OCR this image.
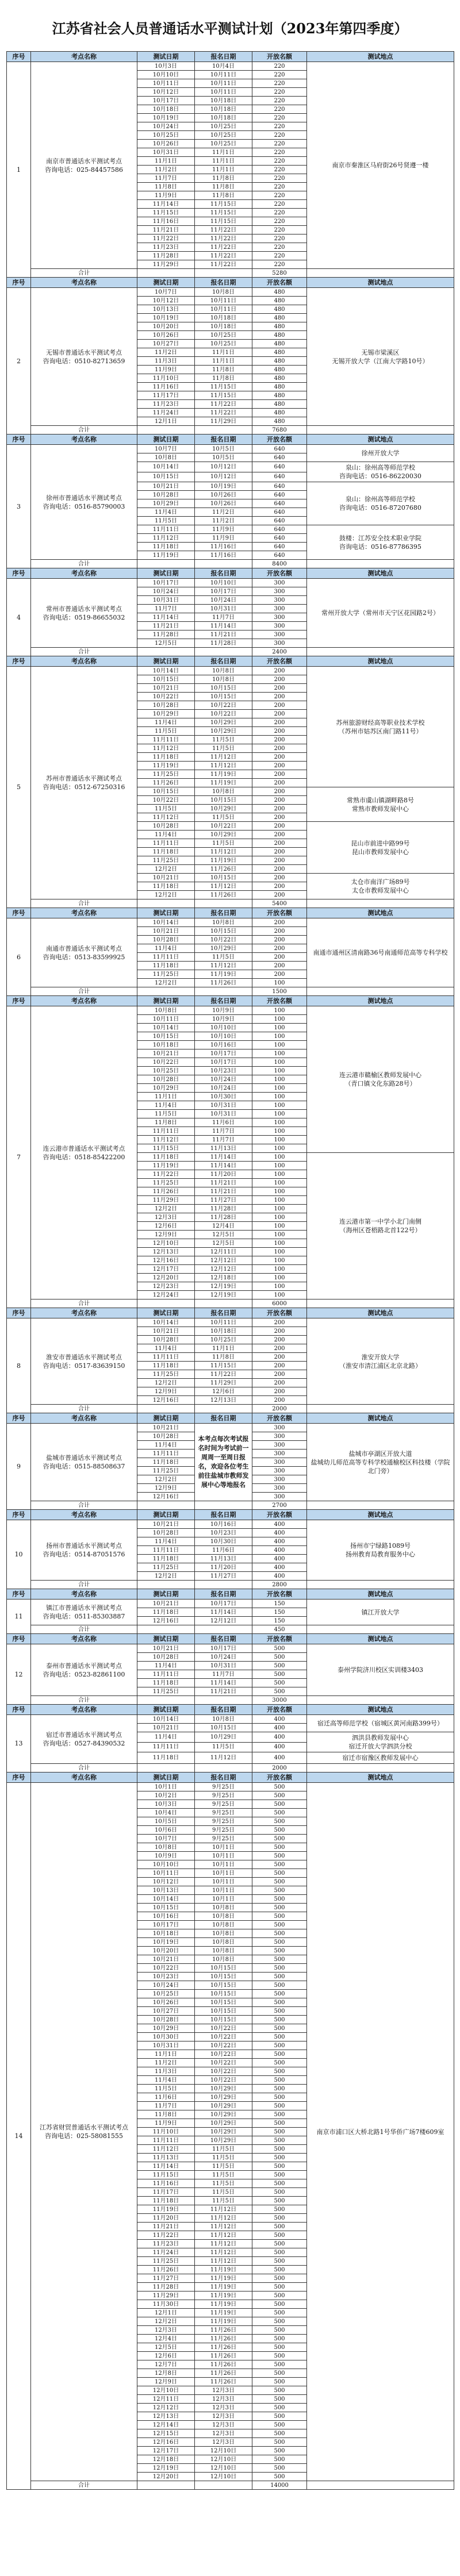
江苏省社会人员普通话水平测试计划（2023年第四季度）
序号	考点名称	测试日期	报名日期	开放名额	测试地点
1	南京市普通话水平测试考点
咨询电话：025-84457586	10月3日	10月4日	220	南京市秦淮区马府街26号贤遵一楼
		10月10日	10月11日	220	
		10月11日	10月11日	220	
		10月12日	10月11日	220	
		10月17日	10月18日	220	
		10月18日	10月18日	220	
		10月19日	10月18日	220	
		10月24日	10月25日	220	
		10月25日	10月25日	220	
		10月26日	10月25日	220	
		10月31日	11月1日	220	
		11月1日	11月1日	220	
		11月2日	11月1日	220	
		11月7日	11月8日	220	
		11月8日	11月8日	220	
		11月9日	11月8日	220	
		11月14日	11月15日	220	
		11月15日	11月15日	220	
		11月16日	11月15日	220	
		11月21日	11月22日	220	
		11月22日	11月22日	220	
		11月23日	11月22日	220	
		11月28日	11月22日	220	
		11月29日	11月22日	220	
	合计			5280	
序号	考点名称	测试日期	报名日期	开放名额	测试地点
2	无锡市普通话水平测试考点
咨询电话：0510-82713659	10月7日	10月8日	480	无锡市梁溪区
无锡开放大学（江南大学路10号）
		10月12日	10月11日	480	
		10月13日	10月11日	480	
		10月19日	10月18日	480	
		10月20日	10月18日	480	
		10月26日	10月25日	480	
		10月27日	10月25日	480	
		11月2日	11月1日	480	
		11月3日	11月1日	480	
		11月9日	11月8日	480	
		11月10日	11月8日	480	
		11月16日	11月15日	480	
		11月17日	11月15日	480	
		11月23日	11月22日	480	
		11月24日	11月22日	480	
		12月1日	11月29日	480	
	合计			7680	
序号	考点名称	测试日期	报名日期	开放名额	测试地点
3	徐州市普通话水平测试考点
咨询电话：0516-85790003	10月7日	10月5日	640	徐州开放大学
		10月8日	10月5日	640	
		10月14日	10月12日	640	泉山：徐州高等师范学校
咨询电话：0516-86220030
		10月15日	10月12日	640	
		10月21日	10月19日	640	泉山：徐州高等师范学校
咨询电话：0516-87207680
		10月28日	10月26日	640	
		10月29日	10月26日	640	
		11月4日	11月2日	640	
		11月5日	11月2日	640	
		11月11日	11月9日	640	鼓楼：江苏安全技术职业学院
咨询电话：0516-87786395
		11月12日	11月9日	640	
		11月18日	11月16日	640	
		11月19日	11月16日	640	
	合计			8400	
序号	考点名称	测试日期	报名日期	开放名额	测试地点
4	常州市普通话水平测试考点
咨询电话：0519-86655032	10月17日	10月10日	300	常州开放大学（常州市天宁区花园路2号）
		10月24日	10月17日	300	
		10月31日	10月24日	300	
		11月7日	10月31日	300	
		11月14日	11月7日	300	
		11月21日	11月14日	300	
		11月28日	11月21日	300	
		12月5日	11月28日	300	
	合计			2400	
序号	考点名称	测试日期	报名日期	开放名额	测试地点
5	苏州市普通话水平测试考点
咨询电话：0512-67250316	10月14日	10月8日	200	苏州旅游财经高等职业技术学校
（苏州市姑苏区南门路11号）
		10月15日	10月8日	200	
		10月21日	10月15日	200	
		10月22日	10月15日	200	
		10月28日	10月22日	200	
		10月29日	10月22日	200	
		11月4日	10月29日	200	
		11月5日	10月29日	200	
		11月11日	11月5日	200	
		11月12日	11月5日	200	
		11月18日	11月12日	200	
		11月19日	11月12日	200	
		11月25日	11月19日	200	
		11月26日	11月19日	200	
		10月15日	10月8日	200	常熟市虞山镇湖畔路8号
常熟市教师发展中心
		10月22日	10月15日	200	
		11月5日	10月29日	200	
		11月12日	11月5日	200	
		10月28日	10月22日	200	昆山市前进中路99号
昆山市教师发展中心
		11月4日	10月29日	200	
		11月11日	11月5日	200	
		11月18日	11月12日	200	
		11月25日	11月19日	200	
		12月2日	11月26日	200	
		10月21日	10月15日	200	太仓市南洋广场89号
太仓市教师发展中心
		11月18日	11月12日	200	
		12月2日	11月26日	200	
	合计			5400	
序号	考点名称	测试日期	报名日期	开放名额	测试地点
6	南通市普通话水平测试考点
咨询电话：0513-83599925	10月14日	10月8日	200	南通市通州区清南路36号南通师范高等专科学校
		10月21日	10月15日	200	
		10月28日	10月22日	200	
		11月4日	10月29日	200	
		11月11日	11月5日	200	
		11月18日	11月12日	200	
		11月25日	11月19日	200	
		12月2日	11月26日	100	
	合计			1500	
序号	考点名称	测试日期	报名日期	开放名额	测试地点
7	连云港市普通话水平测试考点
咨询电话：0518-85422200	10月8日	10月9日	100	连云港市赣榆区教师发展中心
（青口镇文化东路28号）
		10月11日	10月9日	100	
		10月14日	10月10日	100	
		10月15日	10月10日	100	
		10月18日	10月16日	100	
		10月21日	10月17日	100	
		10月22日	10月17日	100	
		10月25日	10月23日	100	
		10月28日	10月24日	100	
		10月29日	10月24日	100	
		11月1日	10月30日	100	
		11月4日	10月31日	100	
		11月5日	10月31日	100	
		11月8日	11月6日	100	
		11月11日	11月7日	100	
		11月12日	11月7日	100	
		11月15日	11月13日	100	
		11月18日	11月14日	100	连云港市第一中学小北门南侧
（海州区苍梧路北首122号）
		11月19日	11月14日	100	
		11月22日	11月20日	100	
		11月25日	11月21日	100	
		11月26日	11月21日	100	
		11月29日	11月27日	100	
		12月2日	11月28日	100	
		12月3日	11月28日	100	
		12月6日	12月4日	100	
		12月9日	12月5日	100	
		12月10日	12月5日	100	
		12月13日	12月11日	100	
		12月16日	12月12日	100	
		12月17日	12月12日	100	
		12月20日	12月18日	100	
		12月23日	12月19日	100	
		12月24日	12月19日	100	
	合计			6000	
序号	考点名称	测试日期	报名日期	开放名额	测试地点
8	淮安市普通话水平测试考点
咨询电话：0517-83639150	10月14日	10月11日	200	淮安开放大学
（淮安市清江浦区北京北路）
		10月21日	10月18日	200	
		10月28日	10月25日	200	
		11月4日	11月1日	200	
		11月11日	11月8日	200	
		11月18日	11月15日	200	
		11月25日	11月22日	200	
		12月2日	11月29日	200	
		12月9日	12月6日	200	
		12月16日	12月13日	200	
	合计			2000	
序号	考点名称	测试日期	报名日期	开放名额	测试地点
9	盐城市普通话水平测试考点
咨询电话：0515-88508637	10月21日	本考点每次考试报名时间为考试前一周周一至周日报名，欢迎各位考生前往盐城市教师发展中心等地报名	300	盐城市亭湖区开放大道
盐城幼儿师范高等专科学校通榆校区科技楼（学院北门旁）
		10月28日		300	
		11月4日		300	
		11月11日		300	
		11月18日		300	
		11月25日		300	
		12月2日		300	
		12月9日		300	
		12月16日		300	
	合计			2700	
序号	考点名称	测试日期	报名日期	开放名额	测试地点
10	扬州市普通话水平测试考点
咨询电话：0514-87051576	10月21日	10月16日	400	扬州市宁绿路1089号
扬州教育局教育服务中心
		10月28日	10月23日	400	
		11月4日	10月30日	400	
		11月11日	11月6日	400	
		11月18日	11月13日	400	
		11月25日	11月20日	400	
		12月2日	11月27日	400	
	合计			2800	
序号	考点名称	测试日期	报名日期	开放名额	测试地点
11	镇江市普通话水平测试考点
咨询电话：0511-85303887	10月21日	10月17日	150	镇江开放大学
		11月18日	11月14日	150	
		12月16日	12月12日	150	
	合计			450	
序号	考点名称	测试日期	报名日期	开放名额	测试地点
12	泰州市普通话水平测试考点
咨询电话：0523-82861100	10月21日	10月17日	500	泰州学院济川校区实训楼3403
		10月28日	10月24日	500	
		11月4日	10月31日	500	
		11月11日	11月7日	500	
		11月18日	11月14日	500	
		11月25日	11月21日	500	
	合计			3000	
序号	考点名称	测试日期	报名日期	开放名额	测试地点
13	宿迁市普通话水平测试考点
咨询电话：0527-84390532	10月14日	10月8日	400	宿迁高等师范学校（宿城区黄河南路399号）
		10月21日	10月15日	400	
		11月4日	10月29日	400	泗洪县教师发展中心
宿迁开放大学泗洪分校
		11月11日	11月5日	400	
		11月18日	11月12日	400	宿迁市宿豫区教师发展中心
	合计			2000	
序号	考点名称	测试日期	报名日期	开放名额	测试地点
14	江苏省财贸普通话水平测试考点
咨询电话：025-58081555	10月1日	9月25日	500	南京市浦口区大桥北路1号华侨广场7楼609室
		10月2日	9月25日	500	
		10月3日	9月25日	500	
		10月4日	9月25日	500	
		10月5日	9月25日	500	
		10月6日	9月25日	500	
		10月7日	9月25日	500	
		10月8日	10月1日	500	
		10月9日	10月1日	500	
		10月10日	10月1日	500	
		10月11日	10月1日	500	
		10月12日	10月1日	500	
		10月13日	10月1日	500	
		10月14日	10月1日	500	
		10月15日	10月8日	500	
		10月16日	10月8日	500	
		10月17日	10月8日	500	
		10月18日	10月8日	500	
		10月19日	10月8日	500	
		10月20日	10月8日	500	
		10月21日	10月8日	500	
		10月22日	10月15日	500	
		10月23日	10月15日	500	
		10月24日	10月15日	500	
		10月25日	10月15日	500	
		10月26日	10月15日	500	
		10月27日	10月15日	500	
		10月28日	10月15日	500	
		10月29日	10月22日	500	
		10月30日	10月22日	500	
		10月31日	10月22日	500	
		11月1日	10月22日	500	
		11月2日	10月22日	500	
		11月3日	10月22日	500	
		11月4日	10月22日	500	
		11月5日	10月29日	500	
		11月6日	10月29日	500	
		11月7日	10月29日	500	
		11月8日	10月29日	500	
		11月9日	10月29日	500	
		11月10日	10月29日	500	
		11月11日	10月29日	500	
		11月12日	11月5日	500	
		11月13日	11月5日	500	
		11月14日	11月5日	500	
		11月15日	11月5日	500	
		11月16日	11月5日	500	
		11月17日	11月5日	500	
		11月18日	11月5日	500	
		11月19日	11月12日	500	
		11月20日	11月12日	500	
		11月21日	11月12日	500	
		11月22日	11月12日	500	
		11月23日	11月12日	500	
		11月24日	11月12日	500	
		11月25日	11月12日	500	
		11月26日	11月19日	500	
		11月27日	11月19日	500	
		11月28日	11月19日	500	
		11月29日	11月19日	500	
		11月30日	11月19日	500	
		12月1日	11月19日	500	
		12月2日	11月19日	500	
		12月3日	11月26日	500	
		12月4日	11月26日	500	
		12月5日	11月26日	500	
		12月6日	11月26日	500	
		12月7日	11月26日	500	
		12月8日	11月26日	500	
		12月9日	11月26日	500	
		12月10日	12月3日	500	
		12月11日	12月3日	500	
		12月12日	12月3日	500	
		12月13日	12月3日	500	
		12月14日	12月3日	500	
		12月15日	12月3日	500	
		12月16日	12月3日	500	
		12月17日	12月10日	500	
		12月18日	12月10日	500	
		12月19日	12月10日	500	
		12月20日	12月10日	500	
	合计			14000	
